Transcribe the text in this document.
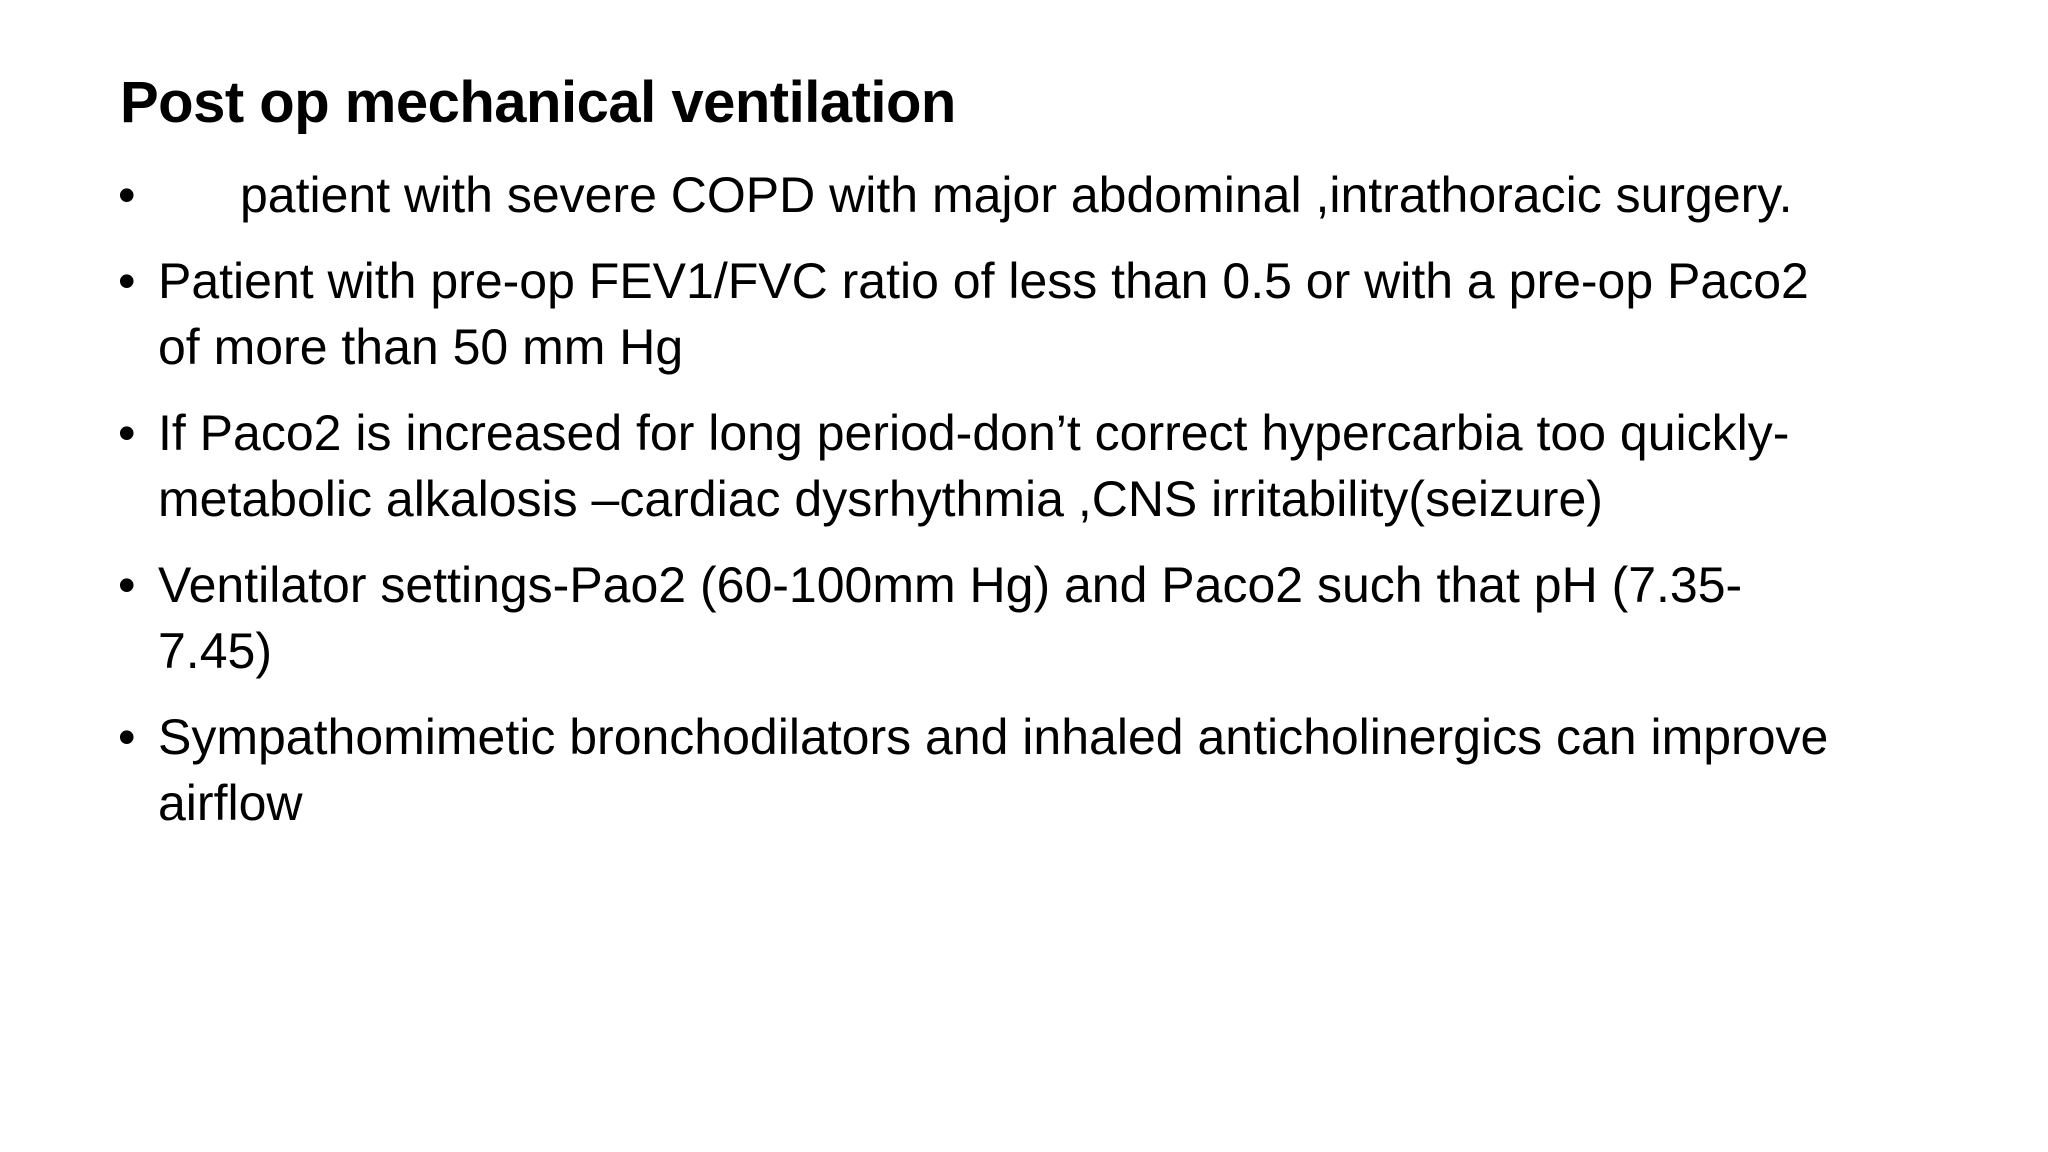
Post op mechanical ventilation
• patient with severe COPD with major abdominal ,intrathoracic surgery.
• Patient with pre-op FEV1/FVC ratio of less than 0.5 or with a pre-op Paco2 of more than 50 mm Hg
• If Paco2 is increased for long period-don’t correct hypercarbia too quickly-metabolic alkalosis –cardiac dysrhythmia ,CNS irritability(seizure)
• Ventilator settings-Pao2 (60-100mm Hg) and Paco2 such that pH (7.35-7.45)
• Sympathomimetic bronchodilators and inhaled anticholinergics can improve airflow
